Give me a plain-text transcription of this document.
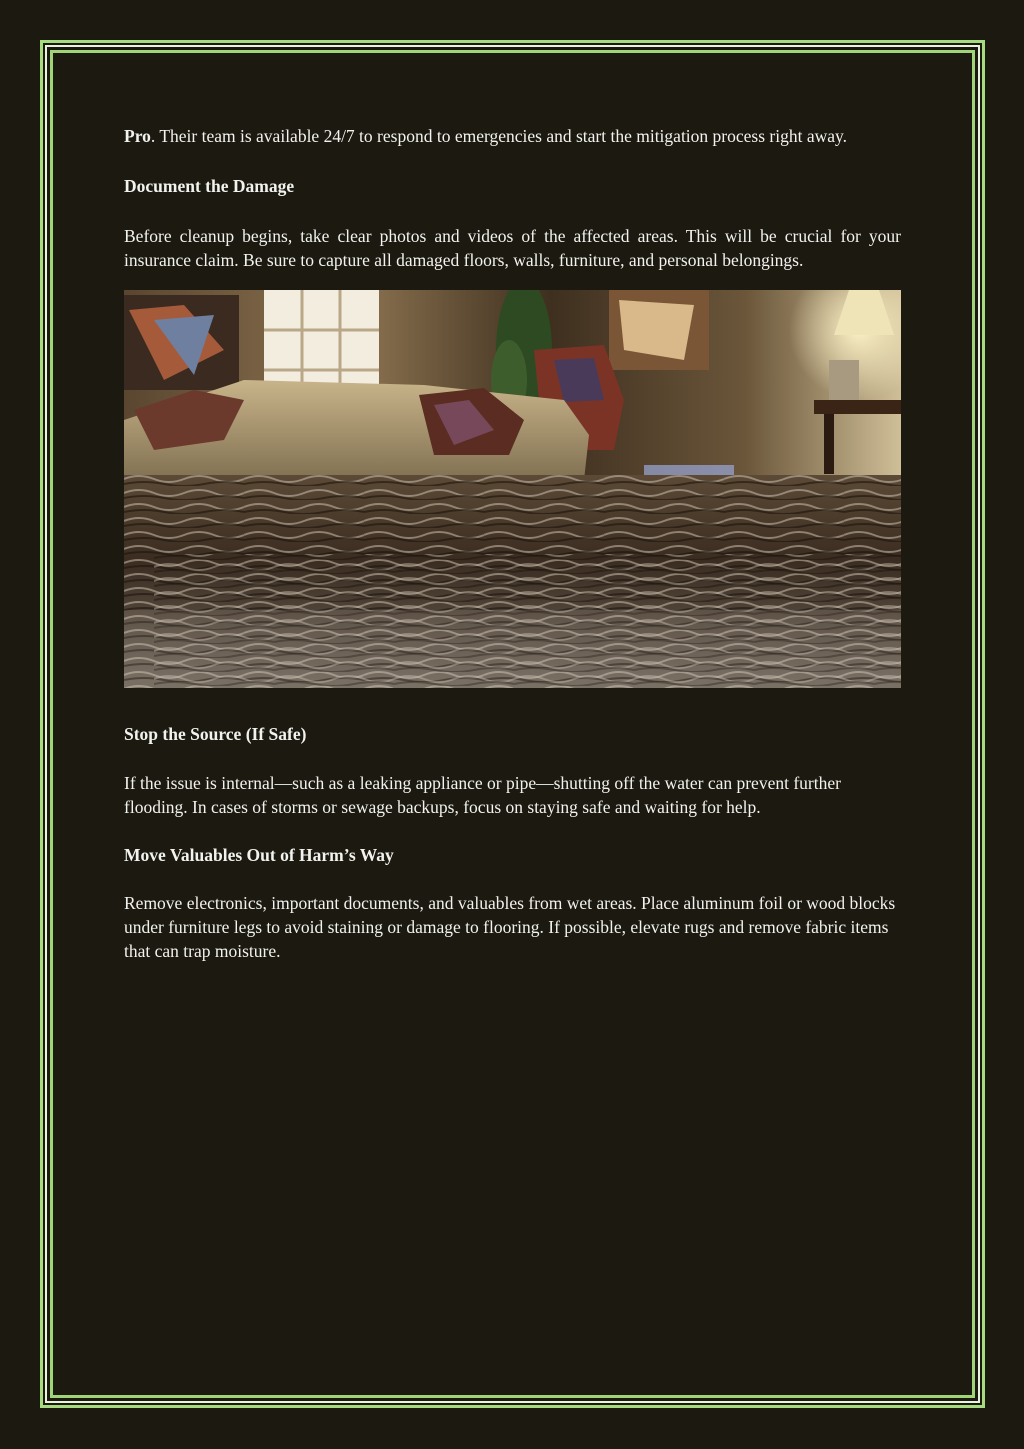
Pro. Their team is available 24/7 to respond to emergencies and start the mitigation process right away.

Document the Damage

Before cleanup begins, take clear photos and videos of the affected areas. This will be crucial for your insurance claim. Be sure to capture all damaged floors, walls, furniture, and personal belongings.

Stop the Source (If Safe)

If the issue is internal—such as a leaking appliance or pipe—shutting off the water can prevent further flooding. In cases of storms or sewage backups, focus on staying safe and waiting for help.

Move Valuables Out of Harm’s Way

Remove electronics, important documents, and valuables from wet areas. Place aluminum foil or wood blocks under furniture legs to avoid staining or damage to flooring. If possible, elevate rugs and remove fabric items that can trap moisture.
